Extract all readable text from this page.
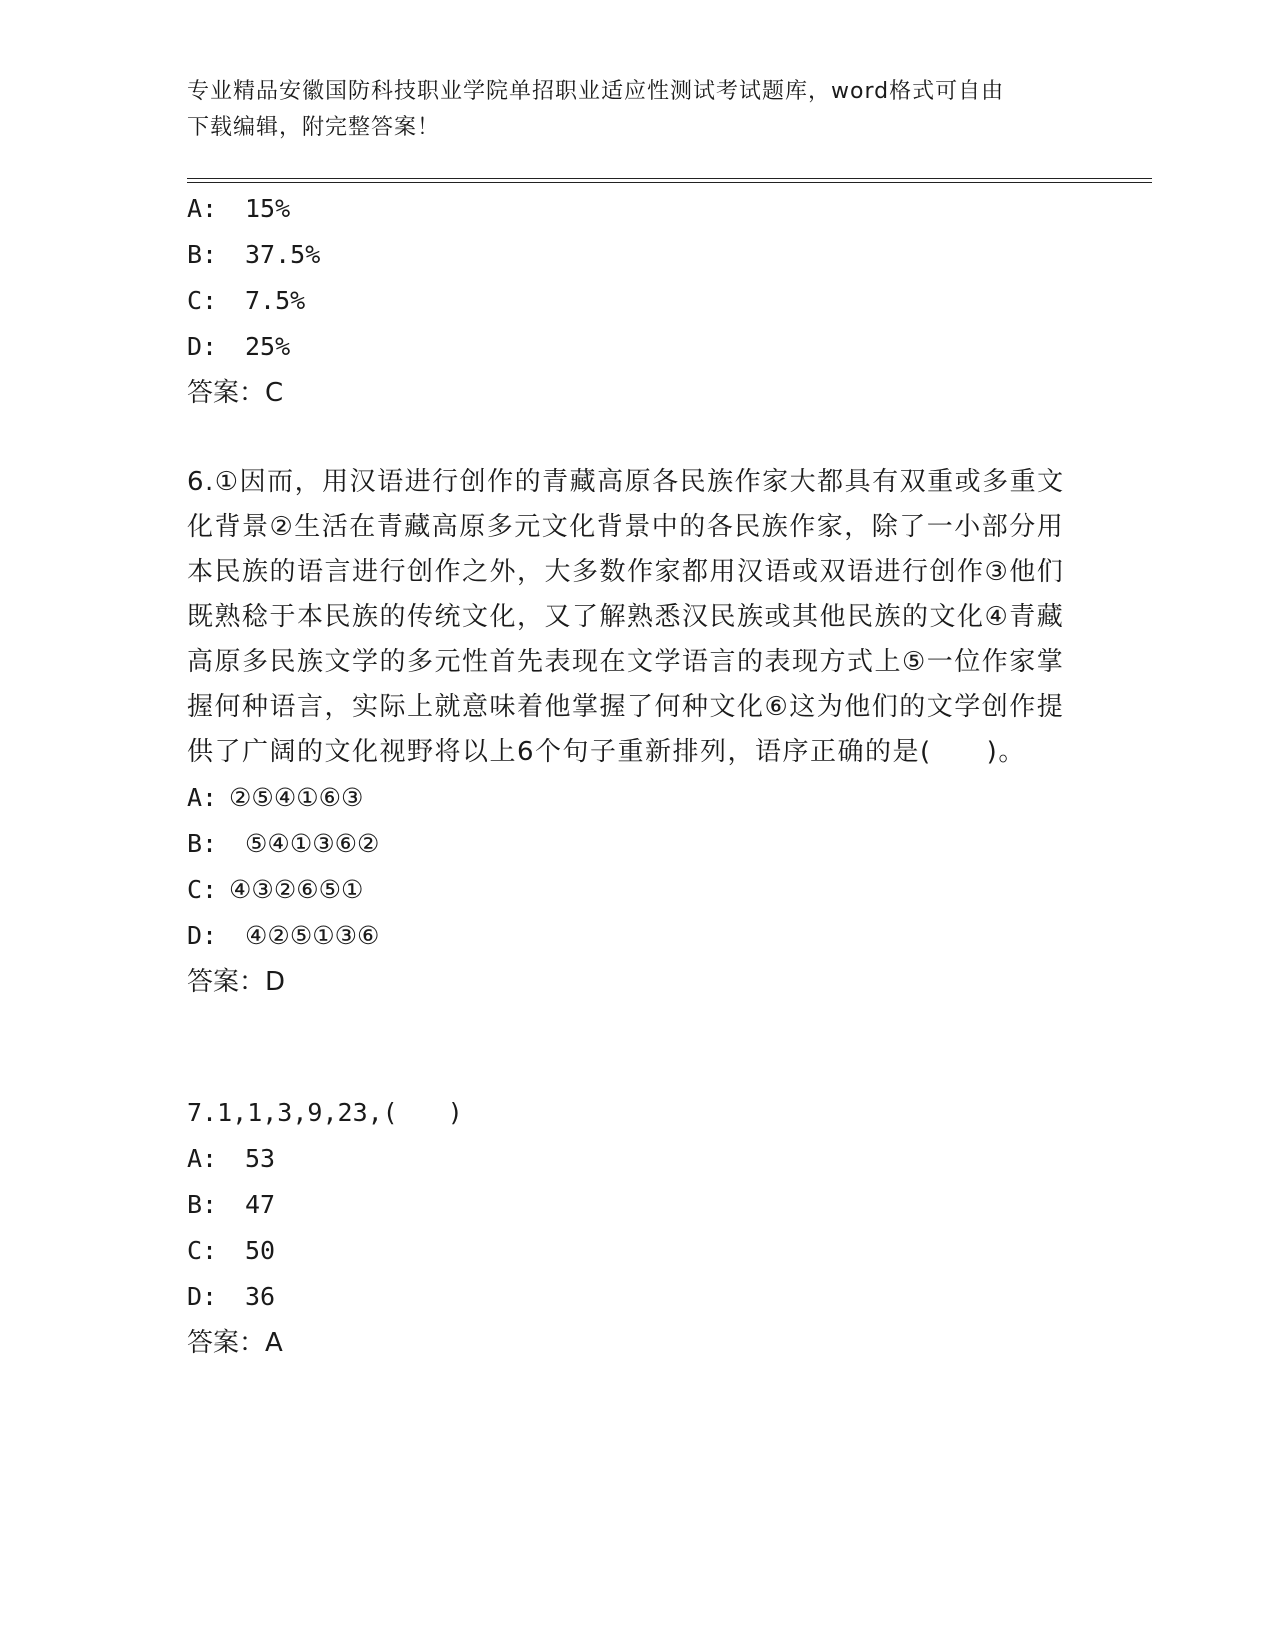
专业精品安徽国防科技职业学院单招职业适应性测试考试题库，word格式可自由
下载编辑，附完整答案！
A: 15%
B: 37.5%
C: 7.5%
D: 25%
答案：C
6.①因而，用汉语进行创作的青藏高原各民族作家大都具有双重或多重文化背景②生活在青藏高原多元文化背景中的各民族作家，除了一小部分用本民族的语言进行创作之外，大多数作家都用汉语或双语进行创作③他们既熟稔于本民族的传统文化，又了解熟悉汉民族或其他民族的文化④青藏高原多民族文学的多元性首先表现在文学语言的表现方式上⑤一位作家掌握何种语言，实际上就意味着他掌握了何种文化⑥这为他们的文学创作提供了广阔的文化视野将以上6个句子重新排列，语序正确的是(　　)。
A: ②⑤④①⑥③
B: ⑤④①③⑥②
C: ④③②⑥⑤①
D: ④②⑤①③⑥
答案：D
7.1,1,3,9,23,(　　)
A: 53
B: 47
C: 50
D: 36
答案：A
